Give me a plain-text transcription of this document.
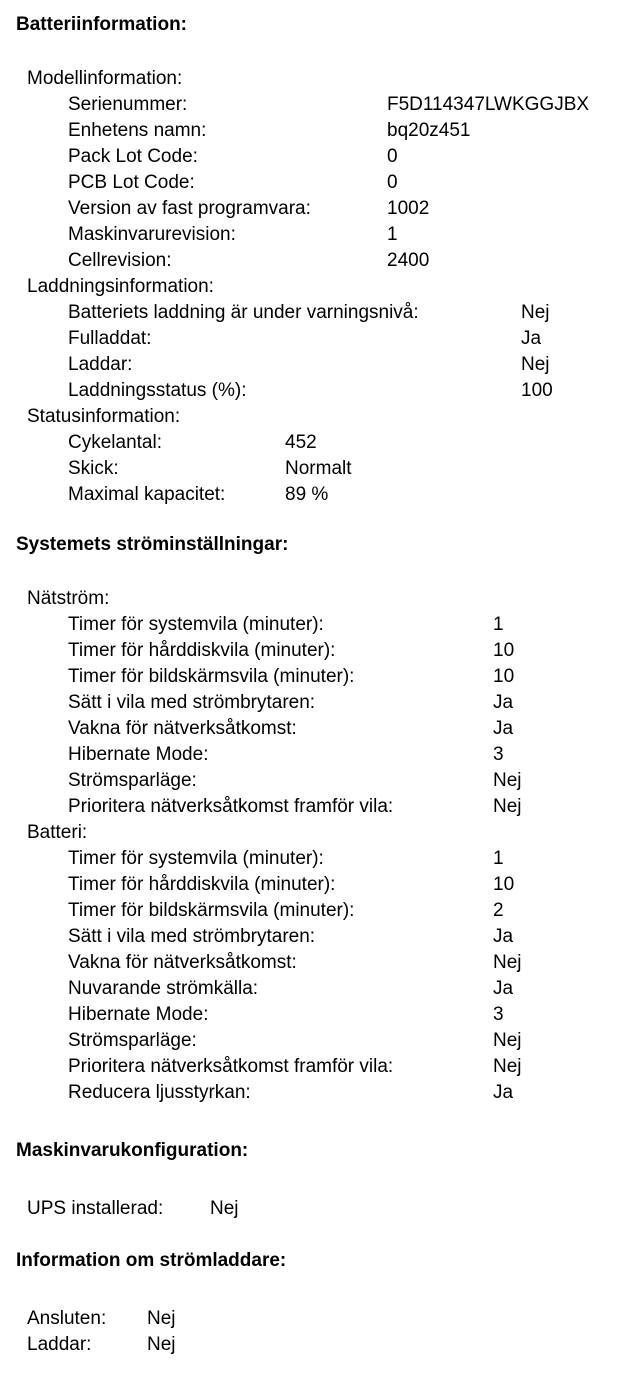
Batteriinformation:
Modellinformation:
Serienummer:	F5D114347LWKGGJBX
Enhetens namn:	bq20z451
Pack Lot Code:	0
PCB Lot Code:	0
Version av fast programvara:	1002
Maskinvarurevision:	1
Cellrevision:	2400
Laddningsinformation:
Batteriets laddning är under varningsnivå:	Nej
Fulladdat:	Ja
Laddar:	Nej
Laddningsstatus (%):	100
Statusinformation:
Cykelantal:	452
Skick:	Normalt
Maximal kapacitet:	89 %
Systemets ströminställningar:
Nätström:
Timer för systemvila (minuter):	1
Timer för hårddiskvila (minuter):	10
Timer för bildskärmsvila (minuter):	10
Sätt i vila med strömbrytaren:	Ja
Vakna för nätverksåtkomst:	Ja
Hibernate Mode:	3
Strömsparläge:	Nej
Prioritera nätverksåtkomst framför vila:	Nej
Batteri:
Timer för systemvila (minuter):	1
Timer för hårddiskvila (minuter):	10
Timer för bildskärmsvila (minuter):	2
Sätt i vila med strömbrytaren:	Ja
Vakna för nätverksåtkomst:	Nej
Nuvarande strömkälla:	Ja
Hibernate Mode:	3
Strömsparläge:	Nej
Prioritera nätverksåtkomst framför vila:	Nej
Reducera ljusstyrkan:	Ja
Maskinvarukonfiguration:
UPS installerad: Nej
Information om strömladdare:
Ansluten: Nej
Laddar:	Nej
